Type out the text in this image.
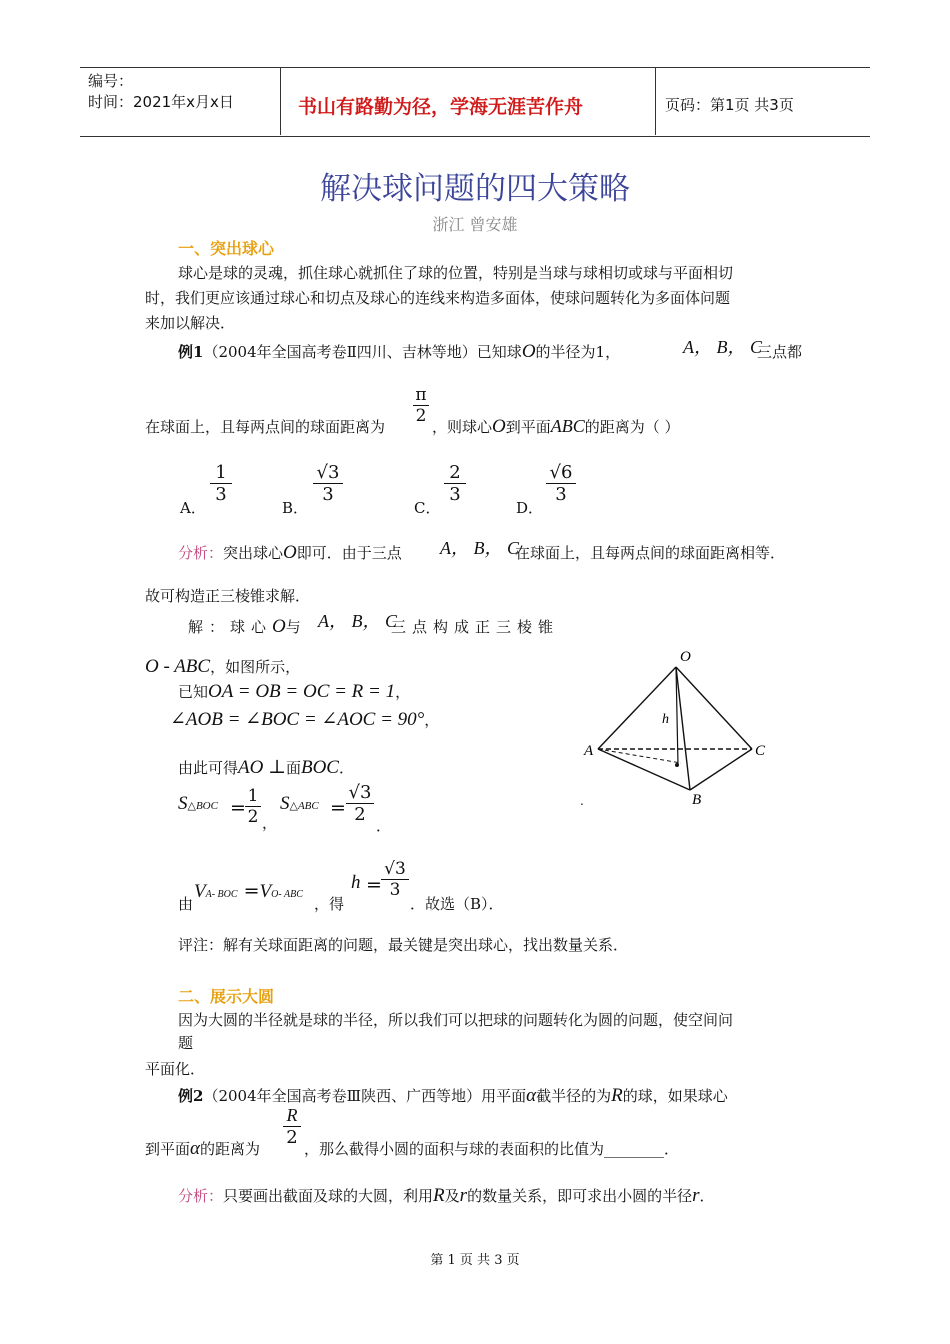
编号：
时间：2021年x月x日	书山有路勤为径，学海无涯苦作舟	页码：第1页 共3页
解决球问题的四大策略
浙江 曾安雄
一、突出球心
球心是球的灵魂，抓住球心就抓住了球的位置，特别是当球与球相切或球与平面相切
时，我们更应该通过球心和切点及球心的连线来构造多面体，使球问题转化为多面体问题
来加以解决．
例1（2004年全国高考卷Ⅱ四川、吉林等地）已知球O的半径为1，	A， B， C
三点都
在球面上，且每两点间的球面距离为
π
2
，则球心O到平面ABC的距离为（ ）
A．
1
3
B．
√3
3
C．
2
3
D．
√6
3
分析：突出球心O即可．由于三点 A， B， C
在球面上，且每两点间的球面距离相等．
故可构造正三棱锥求解．
解：球心O与 A， B， C
三点构成正三棱锥
O - ABC，如图所示，
已知OA = OB = OC = R = 1，
∠AOB = ∠BOC = ∠AOC = 90°，
由此可得AO ⊥面BOC．
S△BOC =
1
2 ，
S△ABC =
√3
2
．
由
VA- BOC =VO- ABC
，得
h =
√3
3
．故选（B）．
评注：解有关球面距离的问题，最关键是突出球心，找出数量关系．
O
A
B
C
h
.
二、展示大圆
因为大圆的半径就是球的半径，所以我们可以把球的问题转化为圆的问题，使空间问
题
平面化．
例2（2004年全国高考卷Ⅲ陕西、广西等地）用平面α截半径的为R的球，如果球心
到平面α的距离为
R
2
，那么截得小圆的面积与球的表面积的比值为________．
分析：只要画出截面及球的大圆，利用R及r的数量关系，即可求出小圆的半径r．
第 1 页 共 3 页
